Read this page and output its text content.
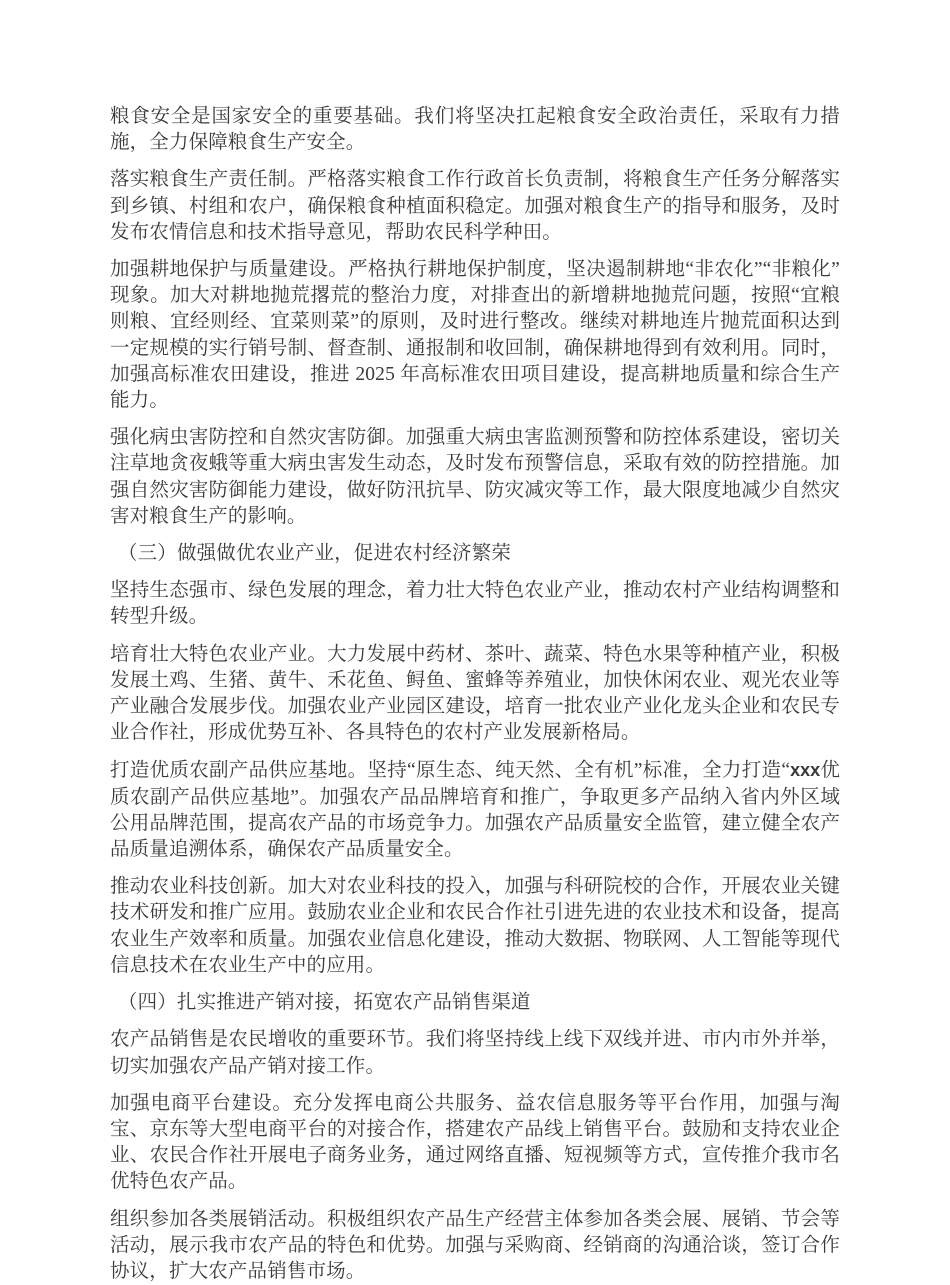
粮食安全是国家安全的重要基础。我们将坚决扛起粮食安全政治责任，采取有力措施，全力保障粮食生产安全。

落实粮食生产责任制。严格落实粮食工作行政首长负责制，将粮食生产任务分解落实到乡镇、村组和农户，确保粮食种植面积稳定。加强对粮食生产的指导和服务，及时发布农情信息和技术指导意见，帮助农民科学种田。

加强耕地保护与质量建设。严格执行耕地保护制度，坚决遏制耕地“非农化”“非粮化”现象。加大对耕地抛荒撂荒的整治力度，对排查出的新增耕地抛荒问题，按照“宜粮则粮、宜经则经、宜菜则菜”的原则，及时进行整改。继续对耕地连片抛荒面积达到一定规模的实行销号制、督查制、通报制和收回制，确保耕地得到有效利用。同时，加强高标准农田建设，推进 2025 年高标准农田项目建设，提高耕地质量和综合生产能力。

强化病虫害防控和自然灾害防御。加强重大病虫害监测预警和防控体系建设，密切关注草地贪夜蛾等重大病虫害发生动态，及时发布预警信息，采取有效的防控措施。加强自然灾害防御能力建设，做好防汛抗旱、防灾减灾等工作，最大限度地减少自然灾害对粮食生产的影响。

（三）做强做优农业产业，促进农村经济繁荣

坚持生态强市、绿色发展的理念，着力壮大特色农业产业，推动农村产业结构调整和转型升级。

培育壮大特色农业产业。大力发展中药材、茶叶、蔬菜、特色水果等种植产业，积极发展土鸡、生猪、黄牛、禾花鱼、鲟鱼、蜜蜂等养殖业，加快休闲农业、观光农业等产业融合发展步伐。加强农业产业园区建设，培育一批农业产业化龙头企业和农民专业合作社，形成优势互补、各具特色的农村产业发展新格局。

打造优质农副产品供应基地。坚持“原生态、纯天然、全有机”标准，全力打造“xxx优质农副产品供应基地”。加强农产品品牌培育和推广，争取更多产品纳入省内外区域公用品牌范围，提高农产品的市场竞争力。加强农产品质量安全监管，建立健全农产品质量追溯体系，确保农产品质量安全。

推动农业科技创新。加大对农业科技的投入，加强与科研院校的合作，开展农业关键技术研发和推广应用。鼓励农业企业和农民合作社引进先进的农业技术和设备，提高农业生产效率和质量。加强农业信息化建设，推动大数据、物联网、人工智能等现代信息技术在农业生产中的应用。

（四）扎实推进产销对接，拓宽农产品销售渠道

农产品销售是农民增收的重要环节。我们将坚持线上线下双线并进、市内市外并举，切实加强农产品产销对接工作。

加强电商平台建设。充分发挥电商公共服务、益农信息服务等平台作用，加强与淘宝、京东等大型电商平台的对接合作，搭建农产品线上销售平台。鼓励和支持农业企业、农民合作社开展电子商务业务，通过网络直播、短视频等方式，宣传推介我市名优特色农产品。

组织参加各类展销活动。积极组织农产品生产经营主体参加各类会展、展销、节会等活动，展示我市农产品的特色和优势。加强与采购商、经销商的沟通洽谈，签订合作协议，扩大农产品销售市场。
